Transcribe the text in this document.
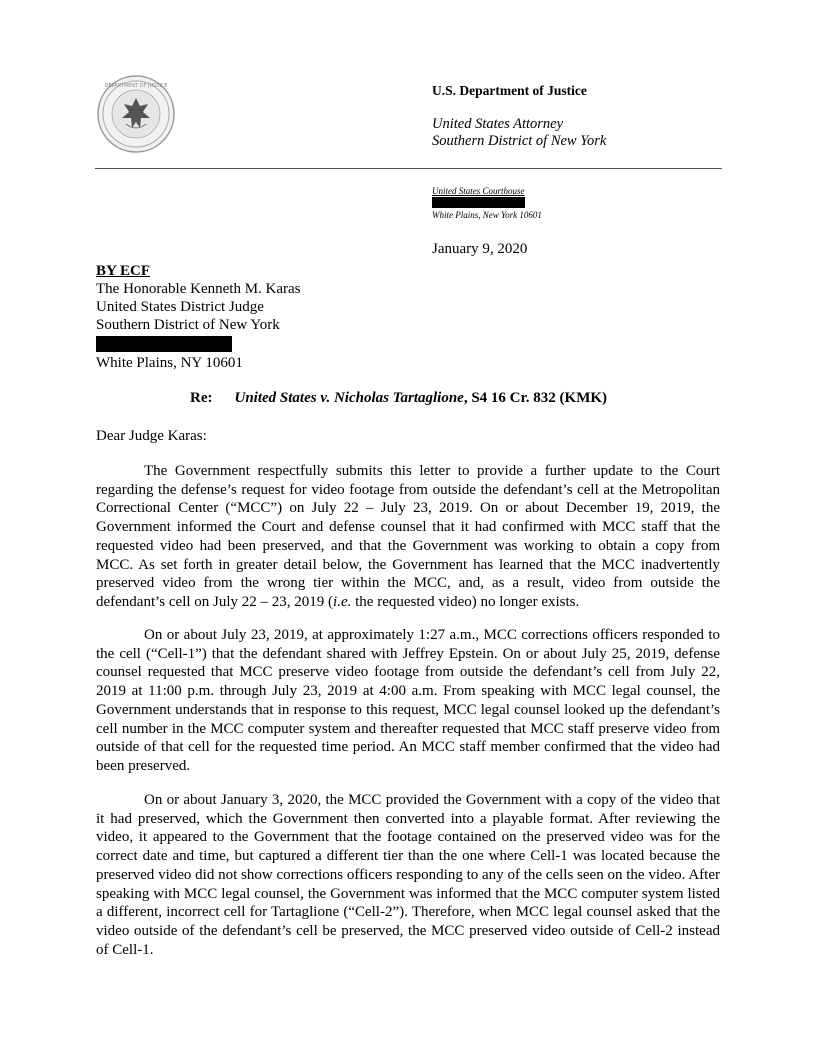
DEPARTMENT OF JUSTICE	U.S. Department of Justice
United States Attorney
Southern District of New York
United States Courthouse
White Plains, New York 10601
January 9, 2020
BY ECF
The Honorable Kenneth M. Karas
United States District Judge
Southern District of New York
White Plains, NY 10601
Re: United States v. Nicholas Tartaglione, S4 16 Cr. 832 (KMK)
Dear Judge Karas:

The Government respectfully submits this letter to provide a further update to the Court regarding the defense’s request for video footage from outside the defendant’s cell at the Metropolitan Correctional Center (“MCC”) on July 22 – July 23, 2019. On or about December 19, 2019, the Government informed the Court and defense counsel that it had confirmed with MCC staff that the requested video had been preserved, and that the Government was working to obtain a copy from MCC. As set forth in greater detail below, the Government has learned that the MCC inadvertently preserved video from the wrong tier within the MCC, and, as a result, video from outside the defendant’s cell on July 22 – 23, 2019 (i.e. the requested video) no longer exists.

On or about July 23, 2019, at approximately 1:27 a.m., MCC corrections officers responded to the cell (“Cell-1”) that the defendant shared with Jeffrey Epstein. On or about July 25, 2019, defense counsel requested that MCC preserve video footage from outside the defendant’s cell from July 22, 2019 at 11:00 p.m. through July 23, 2019 at 4:00 a.m. From speaking with MCC legal counsel, the Government understands that in response to this request, MCC legal counsel looked up the defendant’s cell number in the MCC computer system and thereafter requested that MCC staff preserve video from outside of that cell for the requested time period. An MCC staff member confirmed that the video had been preserved.

On or about January 3, 2020, the MCC provided the Government with a copy of the video that it had preserved, which the Government then converted into a playable format. After reviewing the video, it appeared to the Government that the footage contained on the preserved video was for the correct date and time, but captured a different tier than the one where Cell-1 was located because the preserved video did not show corrections officers responding to any of the cells seen on the video. After speaking with MCC legal counsel, the Government was informed that the MCC computer system listed a different, incorrect cell for Tartaglione (“Cell-2”). Therefore, when MCC legal counsel asked that the video outside of the defendant’s cell be preserved, the MCC preserved video outside of Cell-2 instead of Cell-1.
